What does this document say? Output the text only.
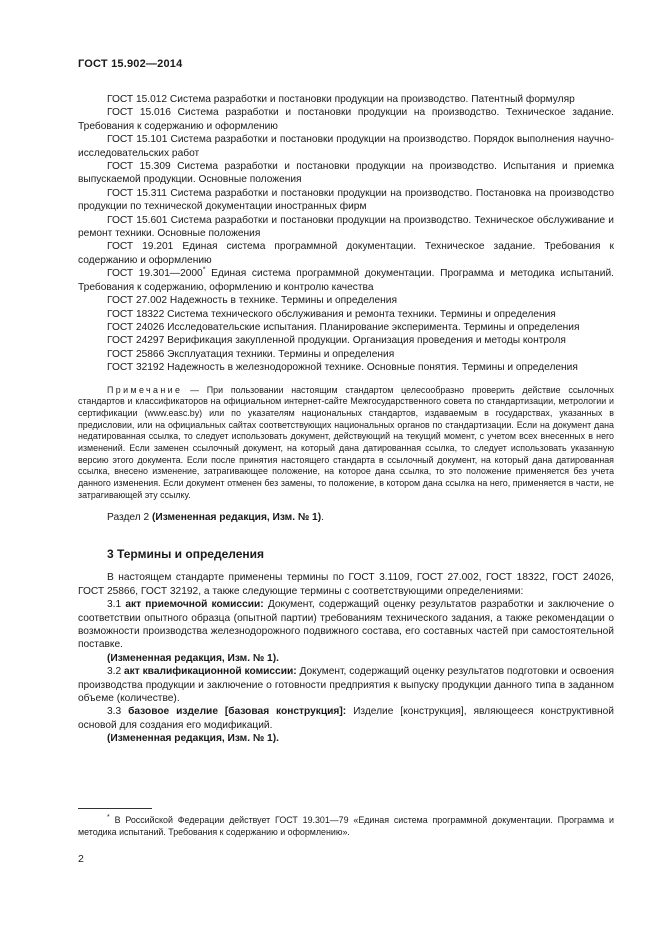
ГОСТ 15.902—2014

ГОСТ 15.012 Система разработки и постановки продукции на производство. Патентный формуляр

ГОСТ 15.016 Система разработки и постановки продукции на производство. Техническое задание. Требования к содержанию и оформлению

ГОСТ 15.101 Система разработки и постановки продукции на производство. Порядок выполнения научно-исследовательских работ

ГОСТ 15.309 Система разработки и постановки продукции на производство. Испытания и приемка выпускаемой продукции. Основные положения

ГОСТ 15.311 Система разработки и постановки продукции на производство. Постановка на производство продукции по технической документации иностранных фирм

ГОСТ 15.601 Система разработки и постановки продукции на производство. Техническое обслуживание и ремонт техники. Основные положения

ГОСТ 19.201 Единая система программной документации. Техническое задание. Требования к содержанию и оформлению

ГОСТ 19.301—2000* Единая система программной документации. Программа и методика испытаний. Требования к содержанию, оформлению и контролю качества

ГОСТ 27.002 Надежность в технике. Термины и определения

ГОСТ 18322 Система технического обслуживания и ремонта техники. Термины и определения

ГОСТ 24026 Исследовательские испытания. Планирование эксперимента. Термины и определения

ГОСТ 24297 Верификация закупленной продукции. Организация проведения и методы контроля

ГОСТ 25866 Эксплуатация техники. Термины и определения

ГОСТ 32192 Надежность в железнодорожной технике. Основные понятия. Термины и определения

Примечание — При пользовании настоящим стандартом целесообразно проверить действие ссылочных стандартов и классификаторов на официальном интернет-сайте Межгосударственного совета по стандартизации, метрологии и сертификации (www.easc.by) или по указателям национальных стандартов, издаваемым в государствах, указанных в предисловии, или на официальных сайтах соответствующих национальных органов по стандартизации. Если на документ дана недатированная ссылка, то следует использовать документ, действующий на текущий момент, с учетом всех внесенных в него изменений. Если заменен ссылочный документ, на который дана датированная ссылка, то следует использовать указанную версию этого документа. Если после принятия настоящего стандарта в ссылочный документ, на который дана датированная ссылка, внесено изменение, затрагивающее положение, на которое дана ссылка, то это положение применяется без учета данного изменения. Если документ отменен без замены, то положение, в котором дана ссылка на него, применяется в части, не затрагивающей эту ссылку.

Раздел 2 (Измененная редакция, Изм. № 1).

3 Термины и определения

В настоящем стандарте применены термины по ГОСТ 3.1109, ГОСТ 27.002, ГОСТ 18322, ГОСТ 24026, ГОСТ 25866, ГОСТ 32192, а также следующие термины с соответствующими определениями:

3.1 акт приемочной комиссии: Документ, содержащий оценку результатов разработки и заключение о соответствии опытного образца (опытной партии) требованиям технического задания, а также рекомендации о возможности производства железнодорожного подвижного состава, его составных частей при самостоятельной поставке.

(Измененная редакция, Изм. № 1).

3.2 акт квалификационной комиссии: Документ, содержащий оценку результатов подготовки и освоения производства продукции и заключение о готовности предприятия к выпуску продукции данного типа в заданном объеме (количестве).

3.3 базовое изделие [базовая конструкция]: Изделие [конструкция], являющееся конструктивной основой для создания его модификаций.

(Измененная редакция, Изм. № 1).

* В Российской Федерации действует ГОСТ 19.301—79 «Единая система программной документации. Программа и методика испытаний. Требования к содержанию и оформлению».

2
